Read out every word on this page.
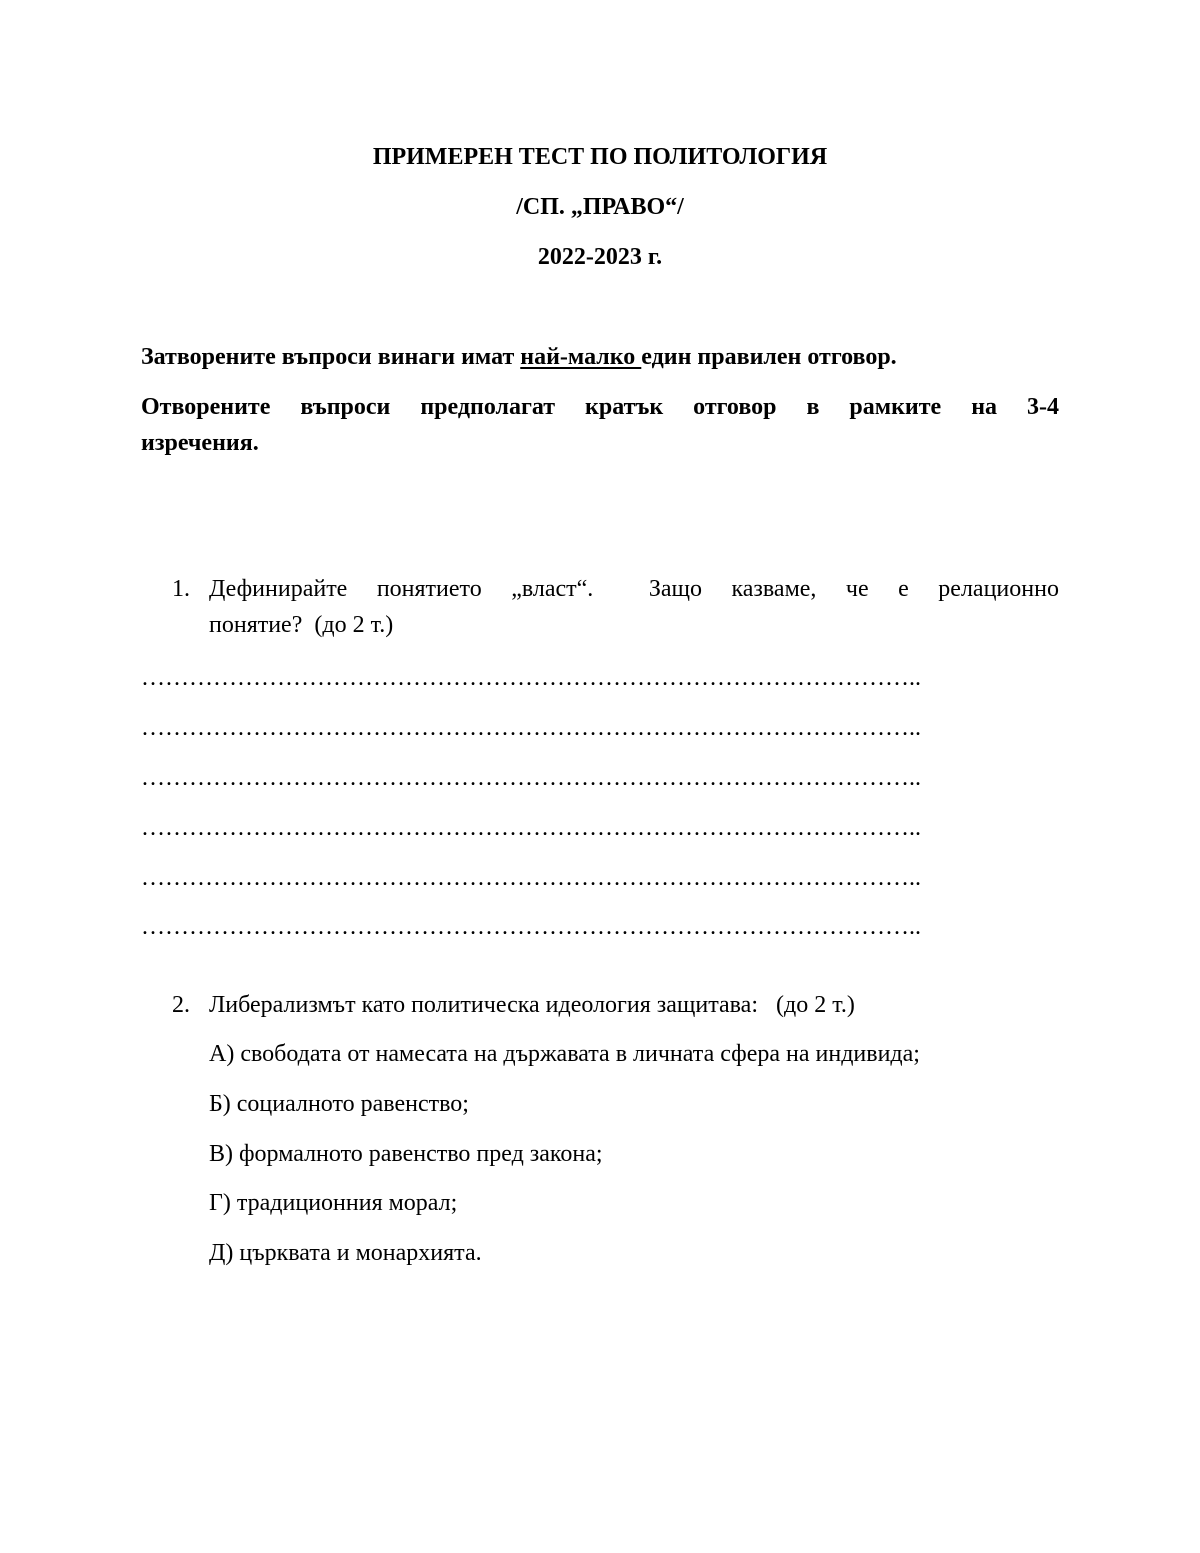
ПРИМЕРЕН ТЕСТ ПО ПОЛИТОЛОГИЯ
/СП. „ПРАВО“/
2022-2023 г.

Затворените въпроси винаги имат най-малко един правилен отговор.

Отворените въпроси предполагат кратък отговор в рамките на 3-4
изречения.

1. Дефинирайте понятието „власт“. Защо казваме, че е релационно
понятие?  (до 2 т.)
……………………………………………………………………………………..
……………………………………………………………………………………..
……………………………………………………………………………………..
……………………………………………………………………………………..
……………………………………………………………………………………..
……………………………………………………………………………………..
2. Либерализмът като политическа идеология защитава:   (до 2 т.)
А) свободата от намесата на държавата в личната сфера на индивида;
Б) социалното равенство;
В) формалното равенство пред закона;
Г) традиционния морал;
Д) църквата и монархията.
